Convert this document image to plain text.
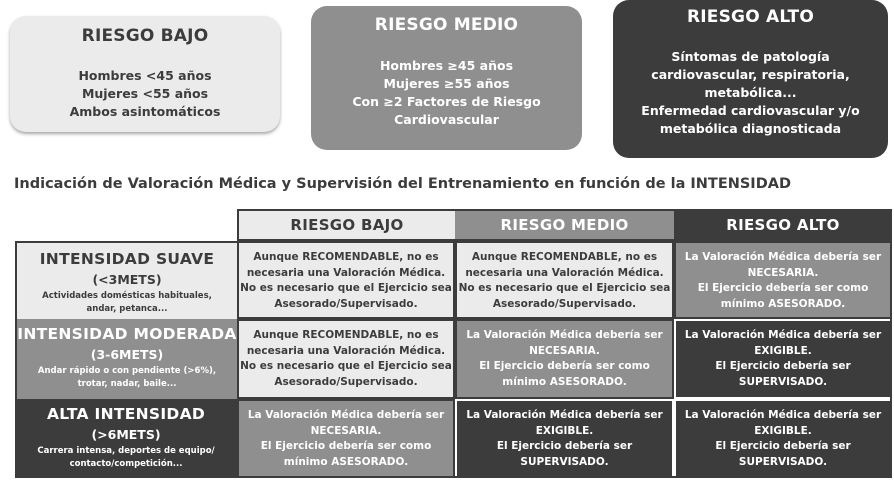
RIESGO BAJO
Hombres <45 años
Mujeres <55 años
Ambos asintomáticos
RIESGO MEDIO
Hombres ≥45 años
Mujeres ≥55 años
Con ≥2 Factores de Riesgo
Cardiovascular
RIESGO ALTO
Síntomas de patología
cardiovascular, respiratoria,
metabólica...
Enfermedad cardiovascular y/o
metabólica diagnosticada
Indicación de Valoración Médica y Supervisión del Entrenamiento en función de la INTENSIDAD
RIESGO BAJO	RIESGO MEDIO	RIESGO ALTO
INTENSIDAD SUAVE
(<3METS)
Actividades domésticas habituales,
andar, petanca...
INTENSIDAD MODERADA
(3-6METS)
Andar rápido o con pendiente (>6%),
trotar, nadar, baile...
ALTA INTENSIDAD
(>6METS)
Carrera intensa, deportes de equipo/
contacto/competición...
Aunque RECOMENDABLE, no es
necesaria una Valoración Médica.
No es necesario que el Ejercicio sea
Asesorado/Supervisado.
Aunque RECOMENDABLE, no es
necesaria una Valoración Médica.
No es necesario que el Ejercicio sea
Asesorado/Supervisado.
La Valoración Médica debería ser
NECESARIA.
El Ejercicio debería ser como
mínimo ASESORADO.
Aunque RECOMENDABLE, no es
necesaria una Valoración Médica.
No es necesario que el Ejercicio sea
Asesorado/Supervisado.
La Valoración Médica debería ser
NECESARIA.
El Ejercicio debería ser como
mínimo ASESORADO.
La Valoración Médica debería ser
EXIGIBLE.
El Ejercicio debería ser
SUPERVISADO.
La Valoración Médica debería ser
NECESARIA.
El Ejercicio debería ser como
mínimo ASESORADO.
La Valoración Médica debería ser
EXIGIBLE.
El Ejercicio debería ser
SUPERVISADO.
La Valoración Médica debería ser
EXIGIBLE.
El Ejercicio debería ser
SUPERVISADO.
